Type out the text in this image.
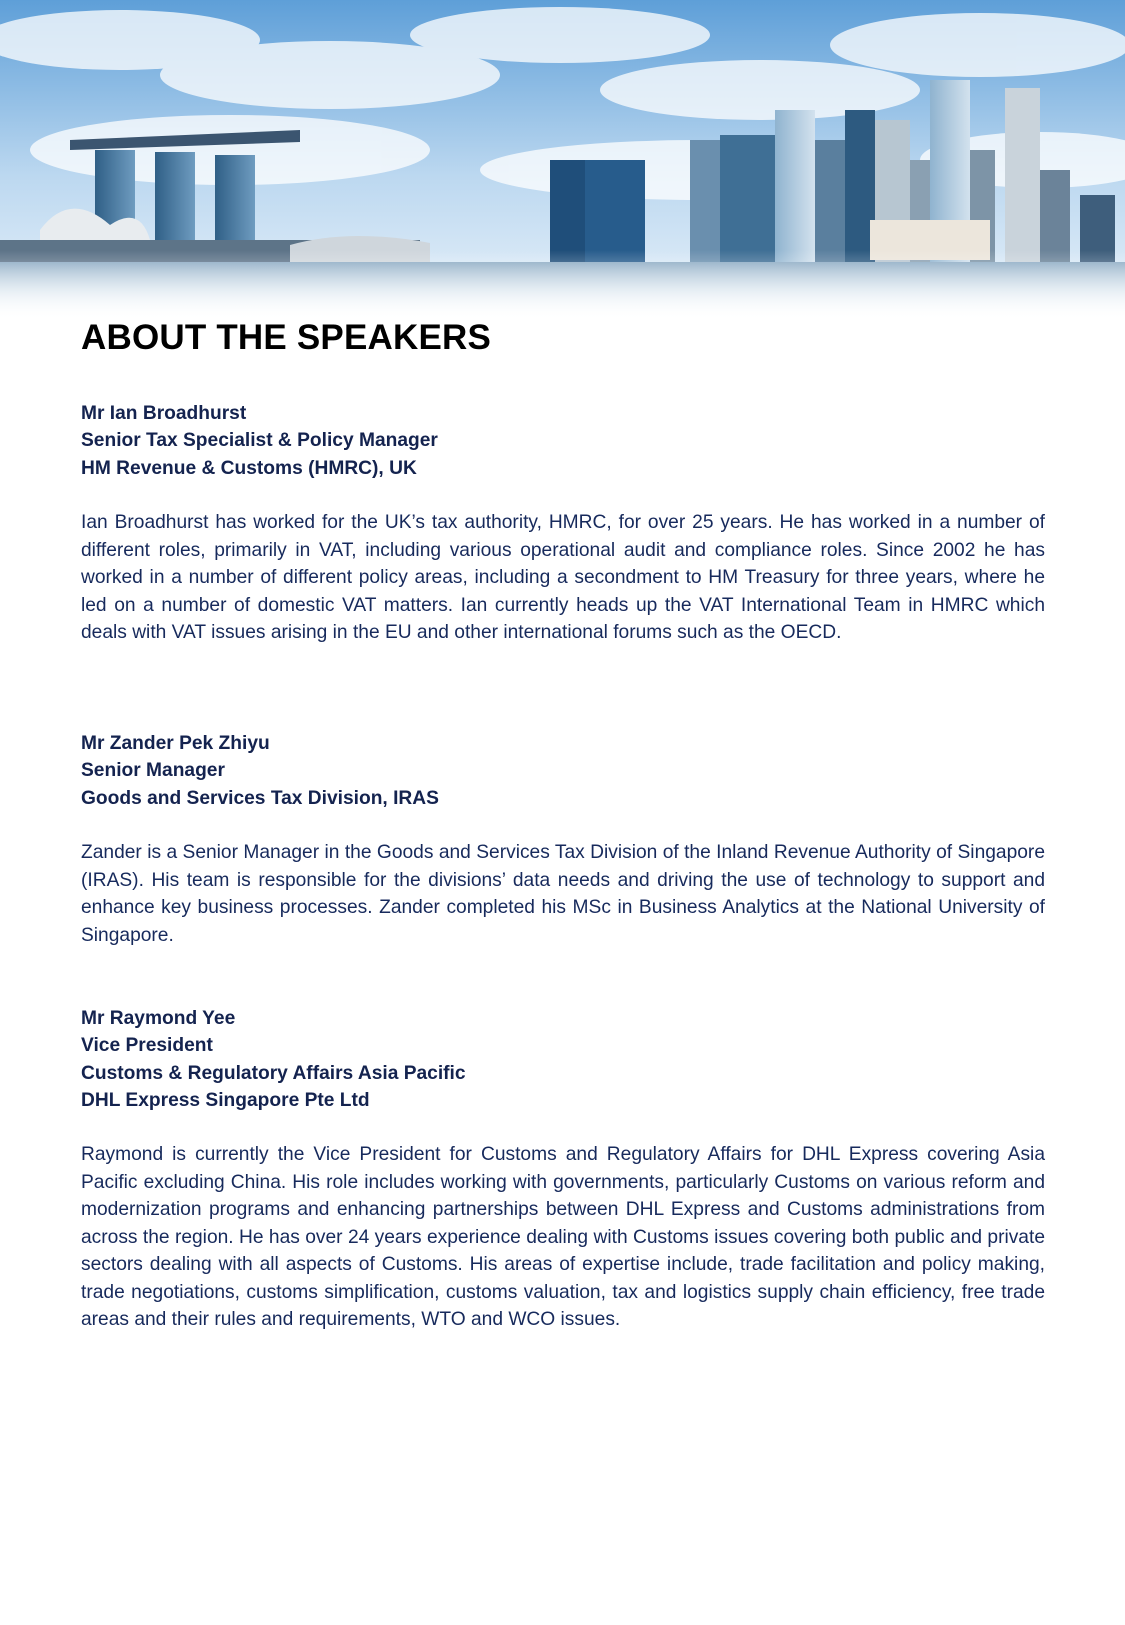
ABOUT THE SPEAKERS
Mr Ian Broadhurst
Senior Tax Specialist & Policy Manager
HM Revenue & Customs (HMRC), UK
Ian Broadhurst has worked for the UK’s tax authority, HMRC, for over 25 years. He has worked in a number of different roles, primarily in VAT, including various operational audit and compliance roles. Since 2002 he has worked in a number of different policy areas, including a secondment to HM Treasury for three years, where he led on a number of domestic VAT matters. Ian currently heads up the VAT International Team in HMRC which deals with VAT issues arising in the EU and other international forums such as the OECD.
Mr Zander Pek Zhiyu
Senior Manager
Goods and Services Tax Division, IRAS
Zander is a Senior Manager in the Goods and Services Tax Division of the Inland Revenue Authority of Singapore (IRAS). His team is responsible for the divisions’ data needs and driving the use of technology to support and enhance key business processes. Zander completed his MSc in Business Analytics at the National University of Singapore.
Mr Raymond Yee
Vice President
Customs & Regulatory Affairs Asia Pacific
DHL Express Singapore Pte Ltd
Raymond is currently the Vice President for Customs and Regulatory Affairs for DHL Express covering Asia Pacific excluding China. His role includes working with governments, particularly Customs on various reform and modernization programs and enhancing partnerships between DHL Express and Customs administrations from across the region. He has over 24 years experience dealing with Customs issues covering both public and private sectors dealing with all aspects of Customs. His areas of expertise include, trade facilitation and policy making, trade negotiations, customs simplification, customs valuation, tax and logistics supply chain efficiency, free trade areas and their rules and requirements, WTO and WCO issues.
